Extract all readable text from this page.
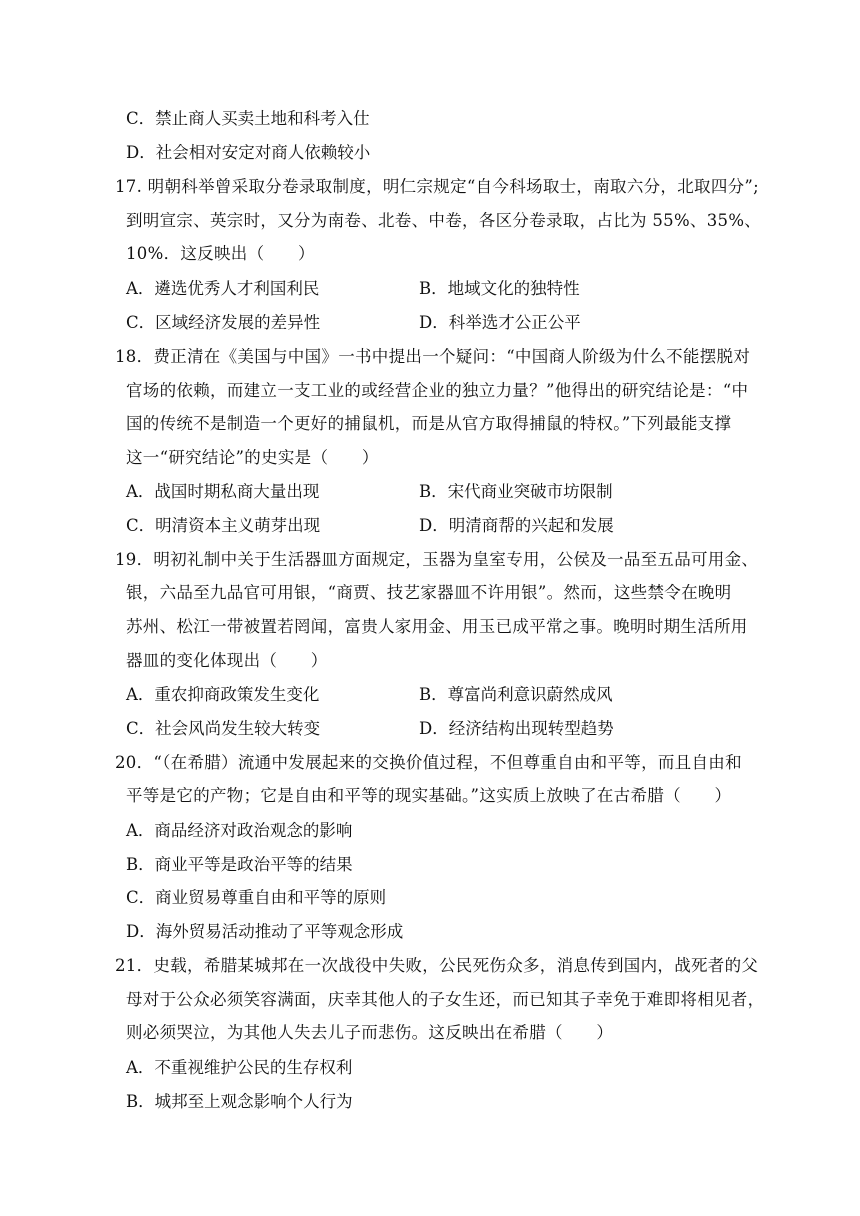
C．禁止商人买卖土地和科考入仕
D．社会相对安定对商人依赖较小
17. 明朝科举曾采取分卷录取制度，明仁宗规定“自今科场取士，南取六分，北取四分”;
到明宣宗、英宗时，又分为南卷、北卷、中卷，各区分卷录取，占比为 55%、35%、
10%．这反映出（　　）
A．遴选优秀人才利国利民	B．地域文化的独特性
C．区域经济发展的差异性	D．科举选才公正公平
18．费正清在《美国与中国》一书中提出一个疑问：“中国商人阶级为什么不能摆脱对
官场的依赖，而建立一支工业的或经营企业的独立力量？”他得出的研究结论是：“中
国的传统不是制造一个更好的捕鼠机，而是从官方取得捕鼠的特权。”下列最能支撑
这一“研究结论”的史实是（　　）
A．战国时期私商大量出现	B．宋代商业突破市坊限制
C．明清资本主义萌芽出现	D．明清商帮的兴起和发展
19．明初礼制中关于生活器皿方面规定，玉器为皇室专用，公侯及一品至五品可用金、
银，六品至九品官可用银，“商贾、技艺家器皿不许用银”。然而，这些禁令在晚明
苏州、松江一带被置若罔闻，富贵人家用金、用玉已成平常之事。晚明时期生活所用
器皿的变化体现出（　　）
A．重农抑商政策发生变化	B．尊富尚利意识蔚然成风
C．社会风尚发生较大转变	D．经济结构出现转型趋势
20．“（在希腊）流通中发展起来的交换价值过程，不但尊重自由和平等，而且自由和
平等是它的产物；它是自由和平等的现实基础。”这实质上放映了在古希腊（　　）
A．商品经济对政治观念的影响
B．商业平等是政治平等的结果
C．商业贸易尊重自由和平等的原则
D．海外贸易活动推动了平等观念形成
21．史载，希腊某城邦在一次战役中失败，公民死伤众多，消息传到国内，战死者的父
母对于公众必须笑容满面，庆幸其他人的子女生还，而已知其子幸免于难即将相见者，
则必须哭泣，为其他人失去儿子而悲伤。这反映出在希腊（　　）
A．不重视维护公民的生存权利
B．城邦至上观念影响个人行为
